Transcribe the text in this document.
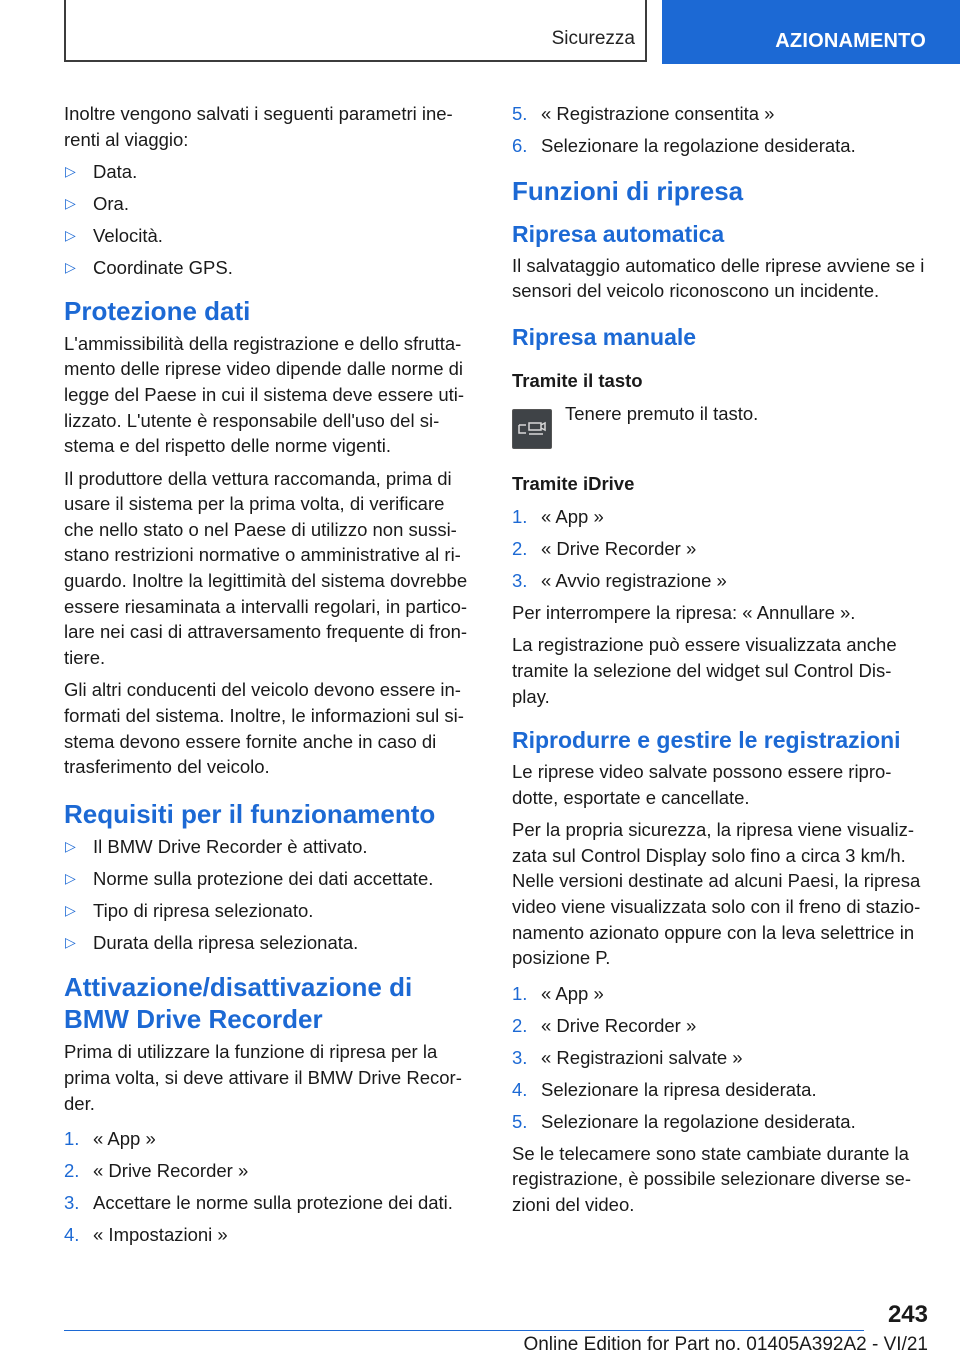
Sicurezza	AZIONAMENTO

Inoltre vengono salvati i seguenti parametri ine-renti al viaggio:

▷ Data.
▷ Ora.
▷ Velocità.
▷ Coordinate GPS.
Protezione dati

L'ammissibilità della registrazione e dello sfrutta-mento delle riprese video dipende dalle norme di legge del Paese in cui il sistema deve essere uti-lizzato. L'utente è responsabile dell'uso del si-stema e del rispetto delle norme vigenti.

Il produttore della vettura raccomanda, prima di usare il sistema per la prima volta, di verificare che nello stato o nel Paese di utilizzo non sussi-stano restrizioni normative o amministrative al ri-guardo. Inoltre la legittimità del sistema dovrebbe essere riesaminata a intervalli regolari, in partico-lare nei casi di attraversamento frequente di fron-tiere.

Gli altri conducenti del veicolo devono essere in-formati del sistema. Inoltre, le informazioni sul si-stema devono essere fornite anche in caso di trasferimento del veicolo.

Requisiti per il funzionamento
▷ Il BMW Drive Recorder è attivato.
▷ Norme sulla protezione dei dati accettate.
▷ Tipo di ripresa selezionato.
▷ Durata della ripresa selezionata.
Attivazione/disattivazione di BMW Drive Recorder

Prima di utilizzare la funzione di ripresa per la prima volta, si deve attivare il BMW Drive Recor-der.

1. « App »
2. « Drive Recorder »
3. Accettare le norme sulla protezione dei dati.
4. « Impostazioni »
5. « Registrazione consentita »
6. Selezionare la regolazione desiderata.
Funzioni di ripresa
Ripresa automatica

Il salvataggio automatico delle riprese avviene se i sensori del veicolo riconoscono un incidente.

Ripresa manuale
Tramite il tasto

Tenere premuto il tasto.

Tramite iDrive
1. « App »
2. « Drive Recorder »
3. « Avvio registrazione »

Per interrompere la ripresa: « Annullare ».

La registrazione può essere visualizzata anche tramite la selezione del widget sul Control Dis-play.

Riprodurre e gestire le registrazioni

Le riprese video salvate possono essere ripro-dotte, esportate e cancellate.

Per la propria sicurezza, la ripresa viene visualiz-zata sul Control Display solo fino a circa 3 km/h. Nelle versioni destinate ad alcuni Paesi, la ripresa video viene visualizzata solo con il freno di stazio-namento azionato oppure con la leva selettrice in posizione P.

1. « App »
2. « Drive Recorder »
3. « Registrazioni salvate »
4. Selezionare la ripresa desiderata.
5. Selezionare la regolazione desiderata.

Se le telecamere sono state cambiate durante la registrazione, è possibile selezionare diverse se-zioni del video.

243
Online Edition for Part no. 01405A392A2 - VI/21
